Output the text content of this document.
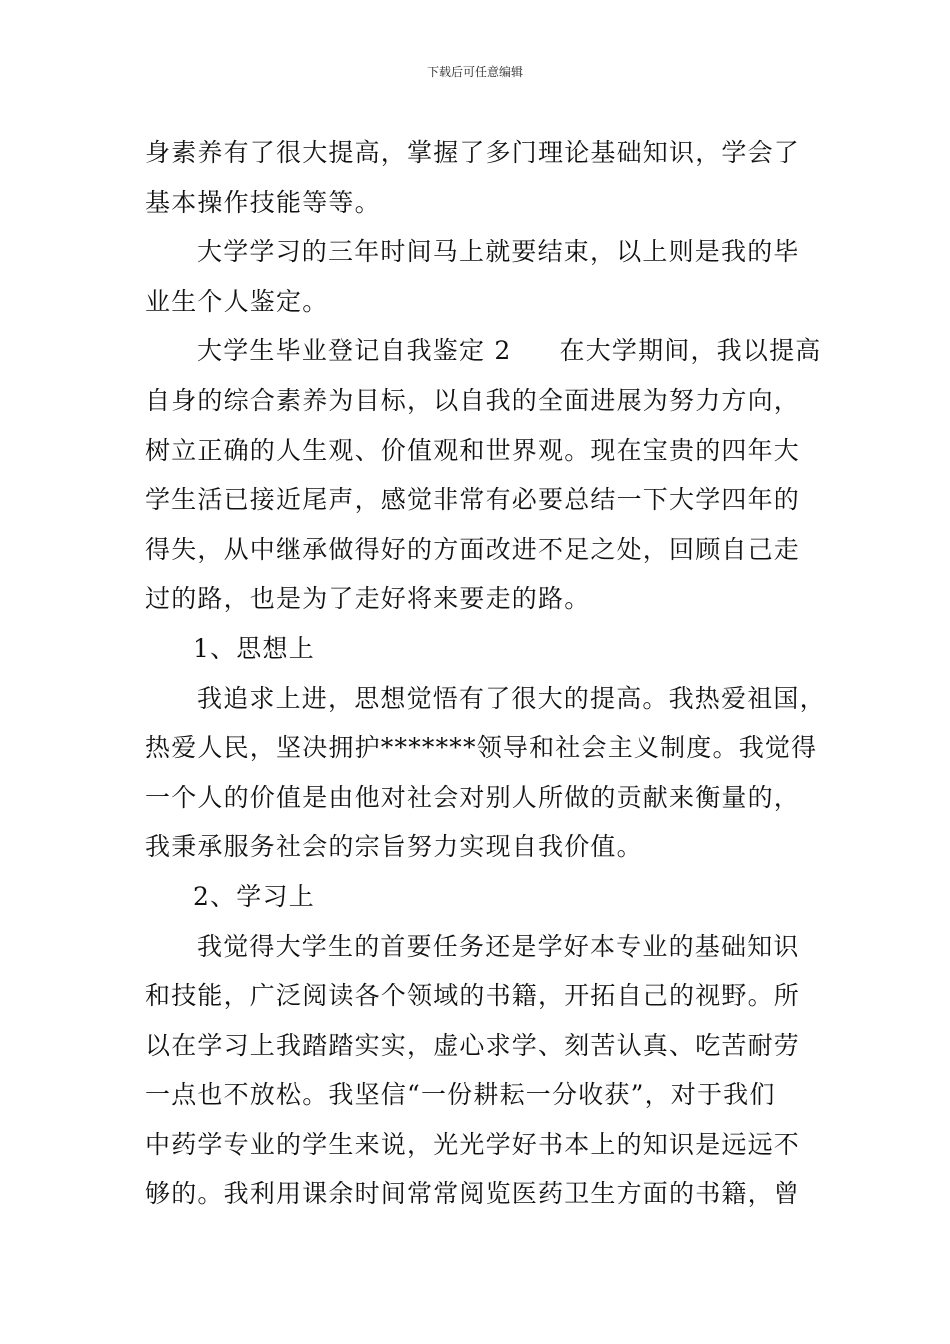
下载后可任意编辑
身素养有了很大提高，掌握了多门理论基础知识，学会了
基本操作技能等等。
大学学习的三年时间马上就要结束，以上则是我的毕
业生个人鉴定。
大学生毕业登记自我鉴定 2 在大学期间，我以提高
自身的综合素养为目标，以自我的全面进展为努力方向，
树立正确的人生观、价值观和世界观。现在宝贵的四年大
学生活已接近尾声，感觉非常有必要总结一下大学四年的
得失，从中继承做得好的方面改进不足之处，回顾自己走
过的路，也是为了走好将来要走的路。
1、思想上
我追求上进，思想觉悟有了很大的提高。我热爱祖国，
热爱人民，坚决拥护*******领导和社会主义制度。我觉得
一个人的价值是由他对社会对别人所做的贡献来衡量的，
我秉承服务社会的宗旨努力实现自我价值。
2、学习上
我觉得大学生的首要任务还是学好本专业的基础知识
和技能，广泛阅读各个领域的书籍，开拓自己的视野。所
以在学习上我踏踏实实，虚心求学、刻苦认真、吃苦耐劳
一点也不放松。我坚信“一份耕耘一分收获”，对于我们
中药学专业的学生来说，光光学好书本上的知识是远远不
够的。我利用课余时间常常阅览医药卫生方面的书籍，曾
